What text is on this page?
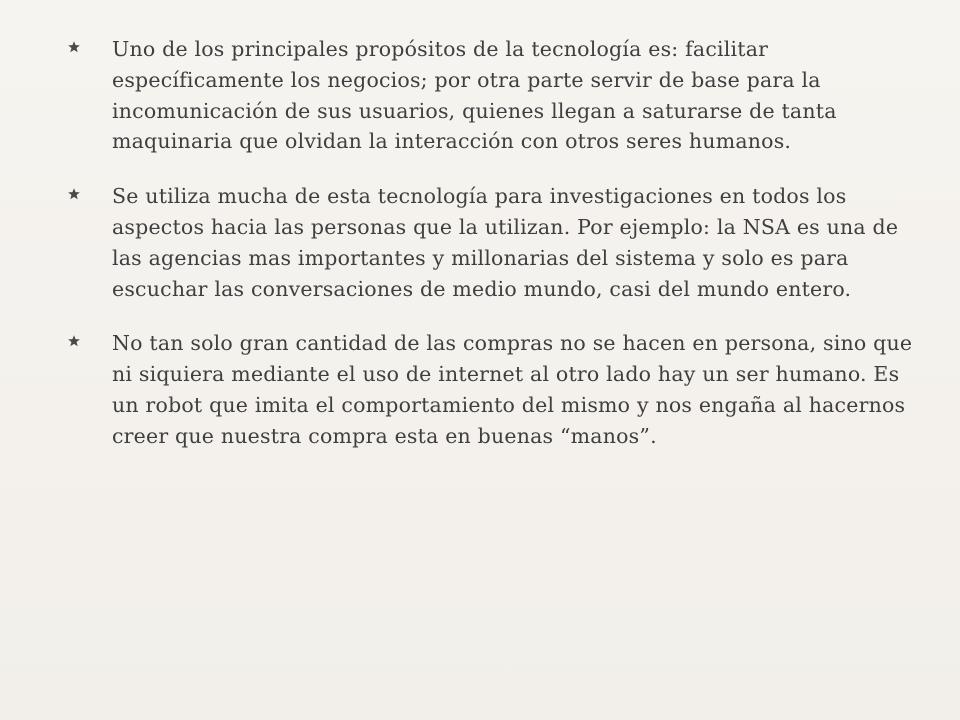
Uno de los principales propósitos de la tecnología es: facilitar específicamente los negocios; por otra parte servir de base para la incomunicación de sus usuarios, quienes llegan a saturarse de tanta maquinaria que olvidan la interacción con otros seres humanos.
Se utiliza mucha de esta tecnología para investigaciones en todos los aspectos hacia las personas que la utilizan. Por ejemplo: la NSA es una de las agencias mas importantes y millonarias del sistema y solo es para escuchar las conversaciones de medio mundo, casi del mundo entero.
No tan solo gran cantidad de las compras no se hacen en persona, sino que ni siquiera mediante el uso de internet al otro lado hay un ser humano. Es un robot que imita el comportamiento del mismo y nos engaña al hacernos creer que nuestra compra esta en buenas “manos”.
